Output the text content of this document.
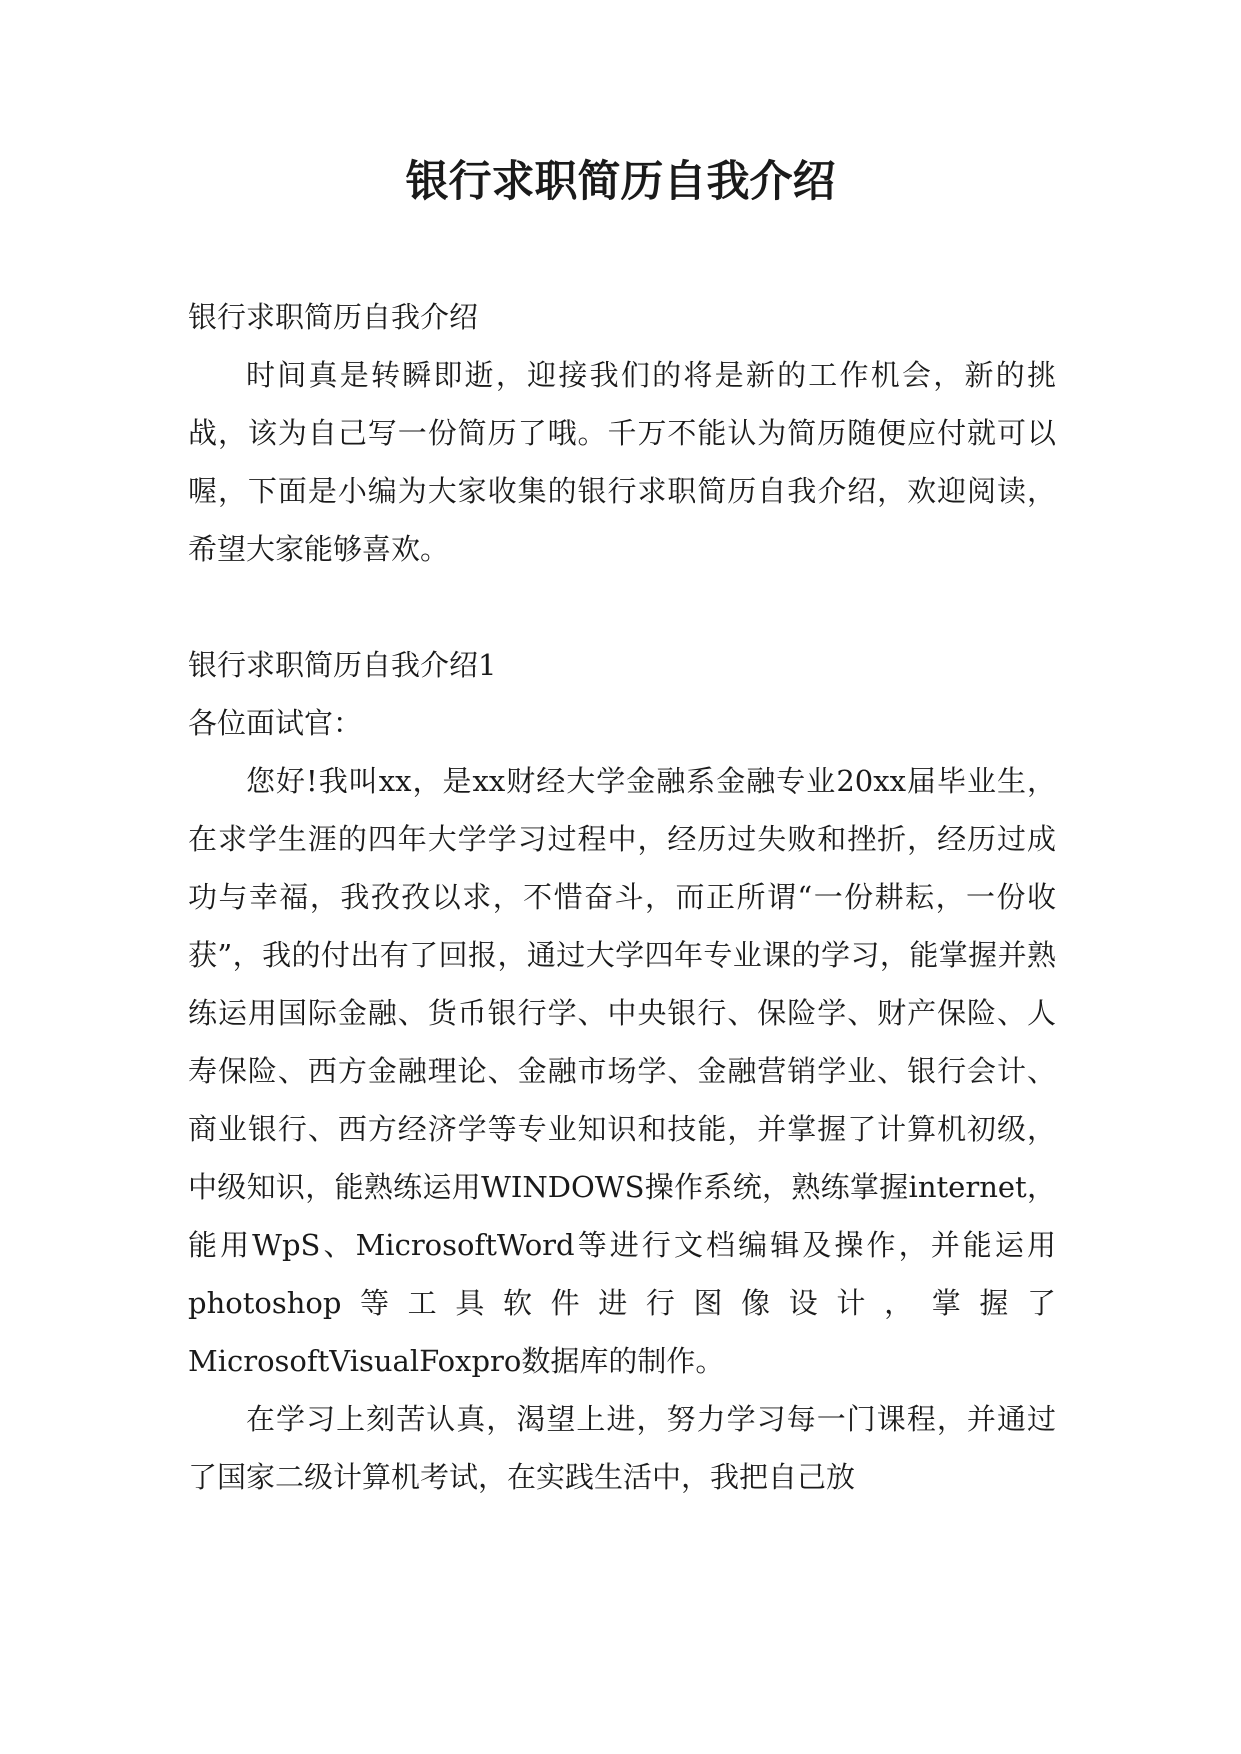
银行求职简历自我介绍

银行求职简历自我介绍

时间真是转瞬即逝，迎接我们的将是新的工作机会，新的挑战，该为自己写一份简历了哦。千万不能认为简历随便应付就可以喔，下面是小编为大家收集的银行求职简历自我介绍，欢迎阅读，希望大家能够喜欢。

银行求职简历自我介绍1

各位面试官：

您好!我叫xx，是xx财经大学金融系金融专业20xx届毕业生，在求学生涯的四年大学学习过程中，经历过失败和挫折，经历过成功与幸福，我孜孜以求，不惜奋斗，而正所谓“一份耕耘，一份收获”，我的付出有了回报，通过大学四年专业课的学习，能掌握并熟练运用国际金融、货币银行学、中央银行、保险学、财产保险、人寿保险、西方金融理论、金融市场学、金融营销学业、银行会计、商业银行、西方经济学等专业知识和技能，并掌握了计算机初级，中级知识，能熟练运用WINDOWS操作系统，熟练掌握internet，能用WpS、MicrosoftWord等进行文档编辑及操作，并能运用photoshop等工具软件进行图像设计，掌握了MicrosoftVisualFoxpro数据库的制作。

在学习上刻苦认真，渴望上进，努力学习每一门课程，并通过了国家二级计算机考试，在实践生活中，我把自己放
